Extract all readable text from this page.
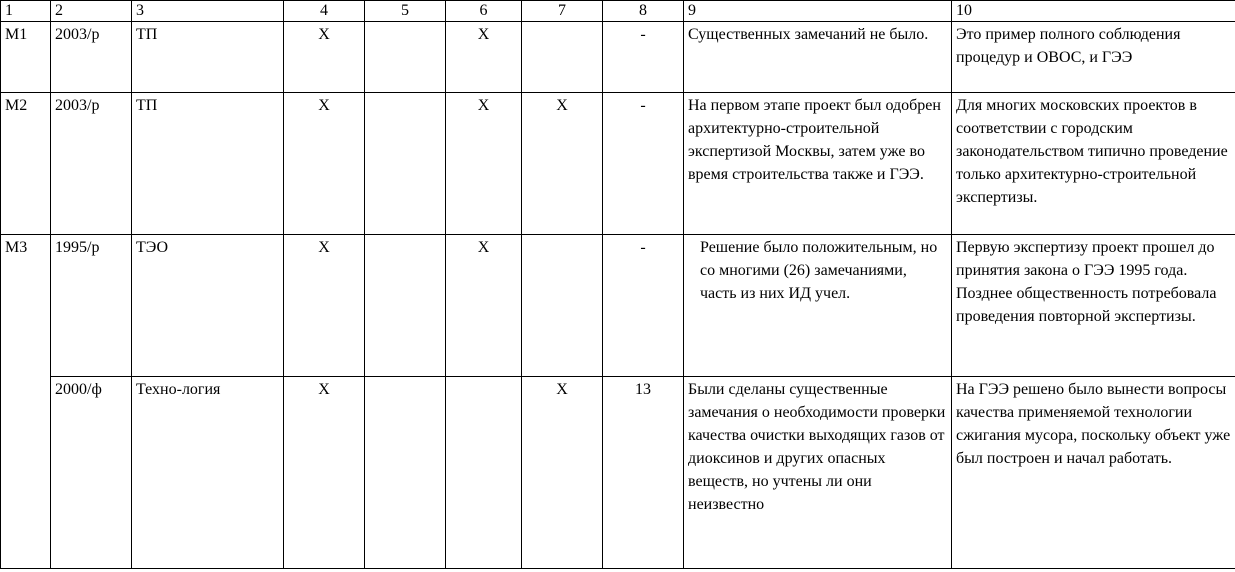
1	2	3	4	5	6	7	8	9	10
М1	2003/р	ТП	Х		Х		-	Существенных замечаний не было.	Это пример полного соблюдения процедур и ОВОС, и ГЭЭ
М2	2003/р	ТП	Х		Х	Х	-	На первом этапе проект был одобрен архитектурно-строительной экспертизой Москвы, затем уже во время строительства также и ГЭЭ.	Для многих московских проектов в соответствии с городским законодательством типично проведение только архитектурно-строительной экспертизы.
М3	1995/р	ТЭО	Х		Х		-	Решение было положительным, но со многими (26) замечаниями, часть из них ИД учел.	Первую экспертизу проект прошел до принятия закона о ГЭЭ 1995 года. Позднее общественность потребовала проведения повторной экспертизы.
	2000/ф	Техно-логия	Х			Х	13	Были сделаны существенные замечания о необходимости проверки качества очистки выходящих газов от диоксинов и других опасных веществ, но учтены ли они неизвестно	На ГЭЭ решено было вынести вопросы качества применяемой технологии сжигания мусора, поскольку объект уже был построен и начал работать.
